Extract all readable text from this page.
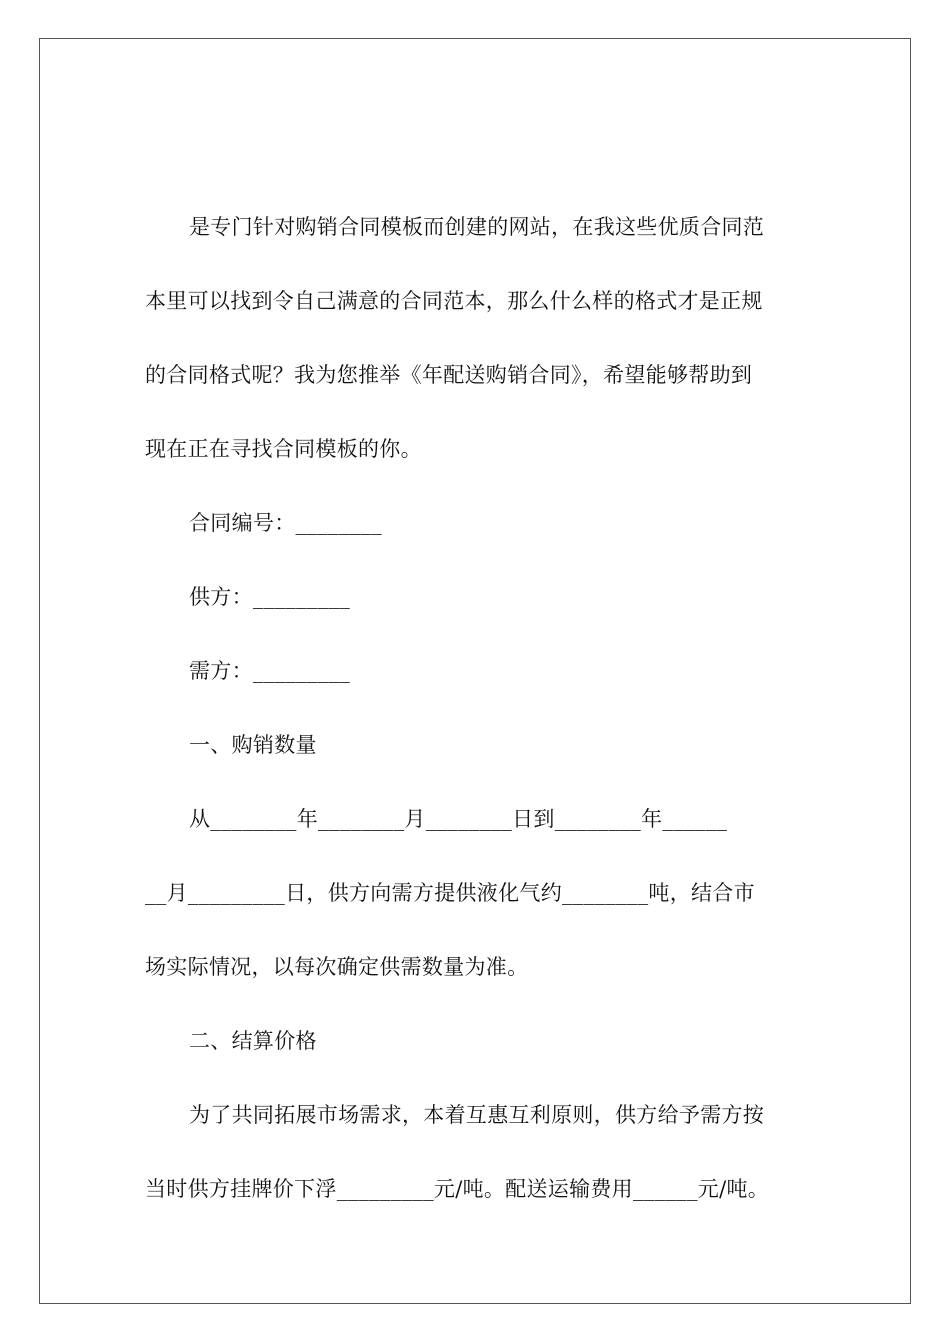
是专门针对购销合同模板而创建的网站，在我这些优质合同范
本里可以找到令自己满意的合同范本，那么什么样的格式才是正规
的合同格式呢？我为您推举《年配送购销合同》，希望能够帮助到
现在正在寻找合同模板的你。
合同编号：________
供方：_________
需方：_________
一、购销数量
从________年________月________日到________年______
__月_________日，供方向需方提供液化气约________吨，结合市
场实际情况，以每次确定供需数量为准。
二、结算价格
为了共同拓展市场需求，本着互惠互利原则，供方给予需方按
当时供方挂牌价下浮_________元/吨。配送运输费用______元/吨。
